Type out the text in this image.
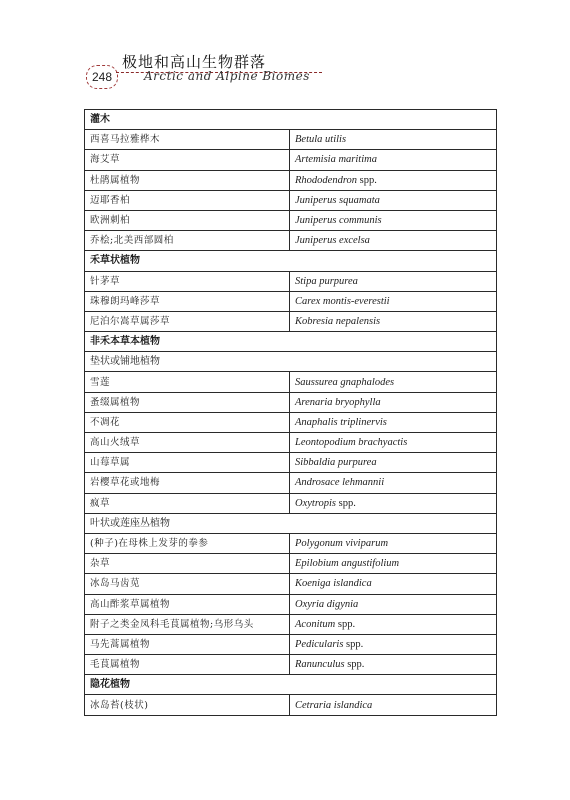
248
极地和高山生物群落
Arctic and Alpine Biomes
灌木	
西喜马拉雅桦木	Betula utilis
海艾草	Artemisia maritima
杜鹃属植物	Rhododendron spp.
迈耶香柏	Juniperus squamata
欧洲刺柏	Juniperus communis
乔桧;北美西部圆柏	Juniperus excelsa
禾草状植物	
针茅草	Stipa purpurea
珠穆朗玛峰莎草	Carex montis-everestii
尼泊尔嵩草属莎草	Kobresia nepalensis
非禾本草本植物	
垫状或铺地植物	
雪莲	Saussurea gnaphalodes
蚤缀属植物	Arenaria bryophylla
不凋花	Anaphalis triplinervis
高山火绒草	Leontopodium brachyactis
山莓草属	Sibbaldia purpurea
岩樱草花或地梅	Androsace lehmannii
疯草	Oxytropis spp.
叶状或莲座丛植物	
(种子)在母株上发芽的拳参	Polygonum viviparum
杂草	Epilobium angustifolium
冰岛马齿苋	Koeniga islandica
高山酢浆草属植物	Oxyria digynia
附子之类金凤科毛茛属植物;乌形乌头	Aconitum spp.
马先蒿属植物	Pedicularis spp.
毛茛属植物	Ranunculus spp.
隐花植物	
冰岛苔(枝状)	Cetraria islandica
